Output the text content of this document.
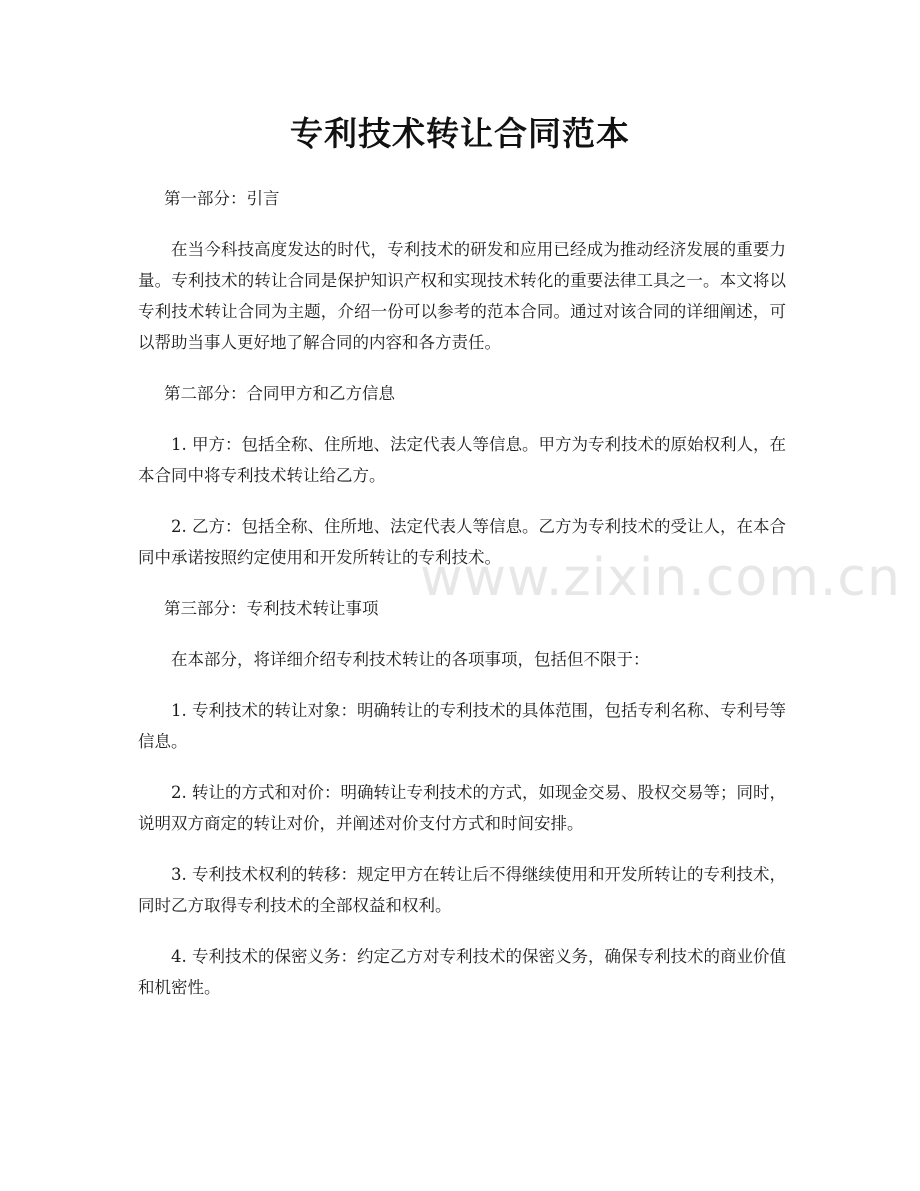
专利技术转让合同范本

第一部分：引言

在当今科技高度发达的时代，专利技术的研发和应用已经成为推动经济发展的重要力量。专利技术的转让合同是保护知识产权和实现技术转化的重要法律工具之一。本文将以专利技术转让合同为主题，介绍一份可以参考的范本合同。通过对该合同的详细阐述，可以帮助当事人更好地了解合同的内容和各方责任。

第二部分：合同甲方和乙方信息

1. 甲方：包括全称、住所地、法定代表人等信息。甲方为专利技术的原始权利人，在本合同中将专利技术转让给乙方。

2. 乙方：包括全称、住所地、法定代表人等信息。乙方为专利技术的受让人，在本合同中承诺按照约定使用和开发所转让的专利技术。

第三部分：专利技术转让事项

在本部分，将详细介绍专利技术转让的各项事项，包括但不限于：

1. 专利技术的转让对象：明确转让的专利技术的具体范围，包括专利名称、专利号等信息。

2. 转让的方式和对价：明确转让专利技术的方式，如现金交易、股权交易等；同时，说明双方商定的转让对价，并阐述对价支付方式和时间安排。

3. 专利技术权利的转移：规定甲方在转让后不得继续使用和开发所转让的专利技术，同时乙方取得专利技术的全部权益和权利。

4. 专利技术的保密义务：约定乙方对专利技术的保密义务，确保专利技术的商业价值和机密性。

www.zixin.com.cn
